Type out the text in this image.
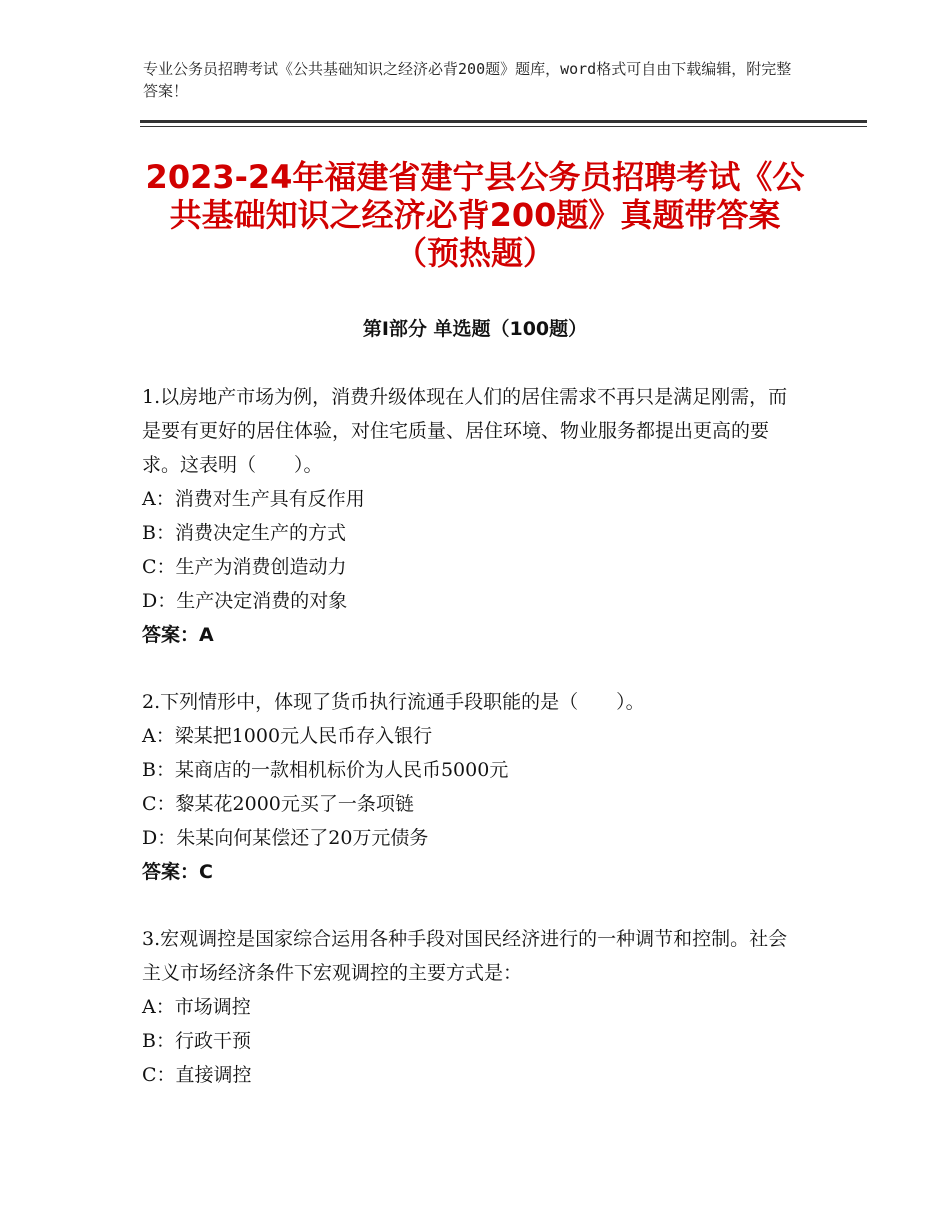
专业公务员招聘考试《公共基础知识之经济必背200题》题库，word格式可自由下载编辑，附完整答案！
2023-24年福建省建宁县公务员招聘考试《公共基础知识之经济必背200题》真题带答案（预热题）
第Ⅰ部分 单选题（100题）

1.以房地产市场为例，消费升级体现在人们的居住需求不再只是满足刚需，而是要有更好的居住体验，对住宅质量、居住环境、物业服务都提出更高的要求。这表明（　　）。

A：消费对生产具有反作用

B：消费决定生产的方式

C：生产为消费创造动力

D：生产决定消费的对象

答案：A

2.下列情形中，体现了货币执行流通手段职能的是（　　）。

A：梁某把1000元人民币存入银行

B：某商店的一款相机标价为人民币5000元

C：黎某花2000元买了一条项链

D：朱某向何某偿还了20万元债务

答案：C

3.宏观调控是国家综合运用各种手段对国民经济进行的一种调节和控制。社会主义市场经济条件下宏观调控的主要方式是：

A：市场调控

B：行政干预

C：直接调控
